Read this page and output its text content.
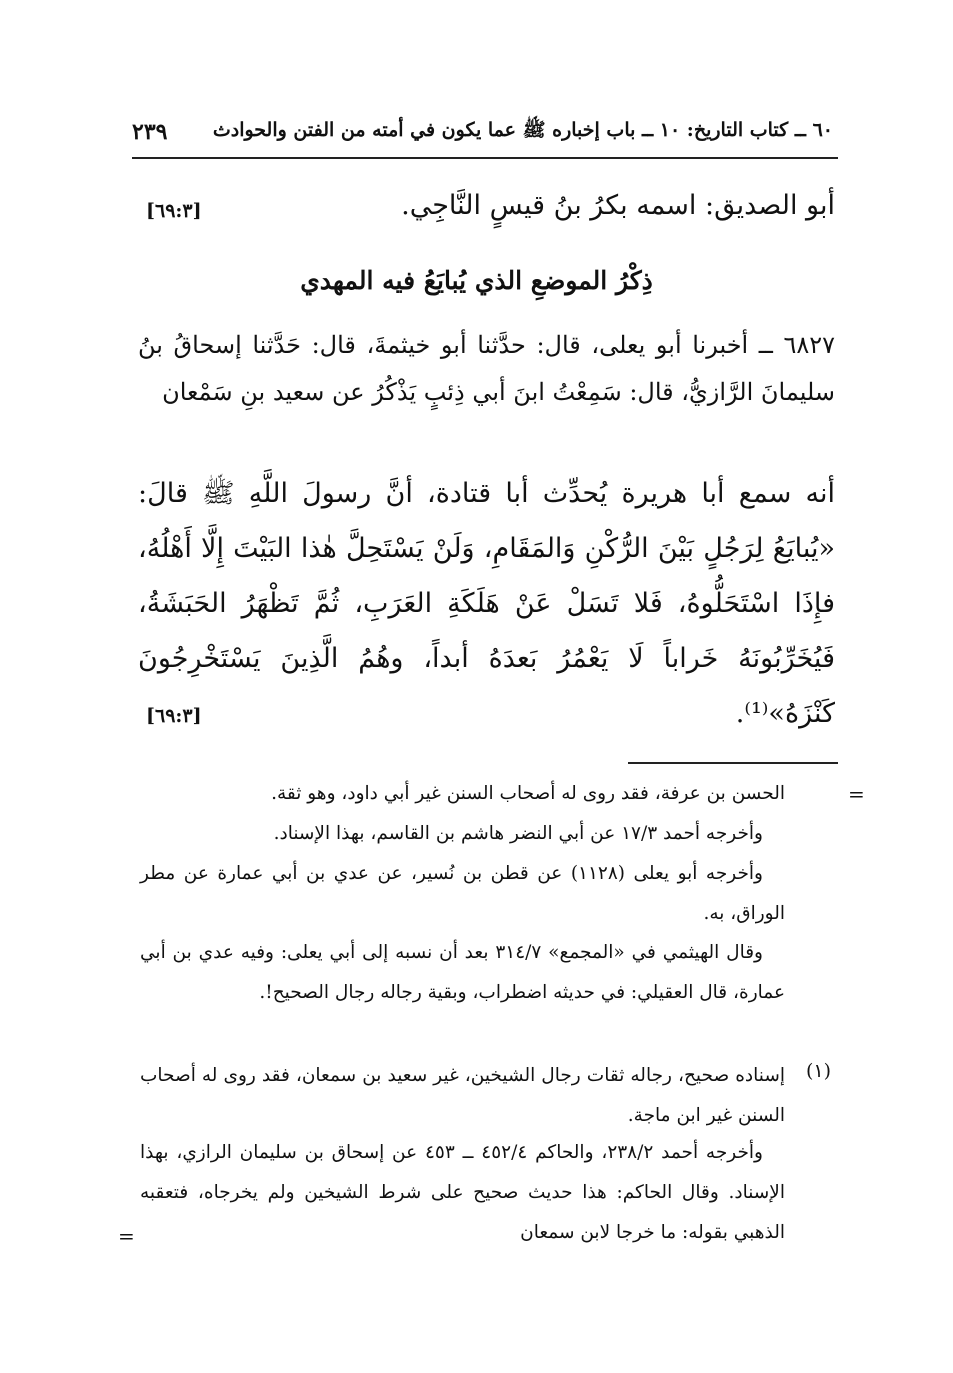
٢٣٩ ٦٠ ــ كتاب التاريخ: ١٠ ــ باب إخباره ﷺ عما يكون في أمته من الفتن والحوادث
أبو الصديق: اسمه بكرُ بنُ قيسٍ النَّاجِي.
[٦٩:٣]
ذِكْرُ الموضعِ الذي يُبايَعُ فيه المهدي
٦٨٢٧ ــ أخبرنا أبو يعلى، قال: حدَّثنا أبو خيثمةَ، قال: حَدَّثنا إسحاقُ بنُ سليمانَ الرَّازيُّ، قال: سَمِعْتُ ابنَ أبي ذِئبٍ يَذْكُرُ عن سعيد بنِ سَمْعان
أنه سمع أبا هريرة يُحدِّث أبا قتادة، أنَّ رسولَ اللَّهِ ﷺ قالَ: «يُبايَعُ لِرَجُلٍ بَيْنَ الرُّكْنِ وَالمَقَامِ، وَلَنْ يَسْتَحِلَّ هٰذا البَيْتَ إِلَّا أَهْلُهُ، فإِذَا اسْتَحَلُّوهُ، فَلا تَسَلْ عَنْ هَلَكَةِ العَرَبِ، ثُمَّ تَظْهَرُ الحَبَشَةُ، فَيُخَرِّبُونَهُ خَراباً لَا يَعْمُرُ بَعدَهُ أبداً، وهُمُ الَّذِينَ يَسْتَخْرِجُونَ كَنْزَهُ»⁽¹⁾.
[٦٩:٣]
=
الحسن بن عرفة، فقد روى له أصحاب السنن غير أبي داود، وهو ثقة.
وأخرجه أحمد ١٧/٣ عن أبي النضر هاشم بن القاسم، بهذا الإسناد.
وأخرجه أبو يعلى (١١٢٨) عن قطن بن نُسير، عن عدي بن أبي عمارة عن مطر الوراق، به.
وقال الهيثمي في «المجمع» ٣١٤/٧ بعد أن نسبه إلى أبي يعلى: وفيه عدي بن أبي عمارة، قال العقيلي: في حديثه اضطراب، وبقية رجاله رجال الصحيح!.
(١)
إسناده صحيح، رجاله ثقات رجال الشيخين، غير سعيد بن سمعان، فقد روى له أصحاب السنن غير ابن ماجة.
وأخرجه أحمد ٢٣٨/٢، والحاكم ٤٥٢/٤ ــ ٤٥٣ عن إسحاق بن سليمان الرازي، بهذا الإسناد. وقال الحاكم: هذا حديث صحيح على شرط الشيخين ولم يخرجاه، فتعقبه الذهبي بقوله: ما خرجا لابن سمعان
=
